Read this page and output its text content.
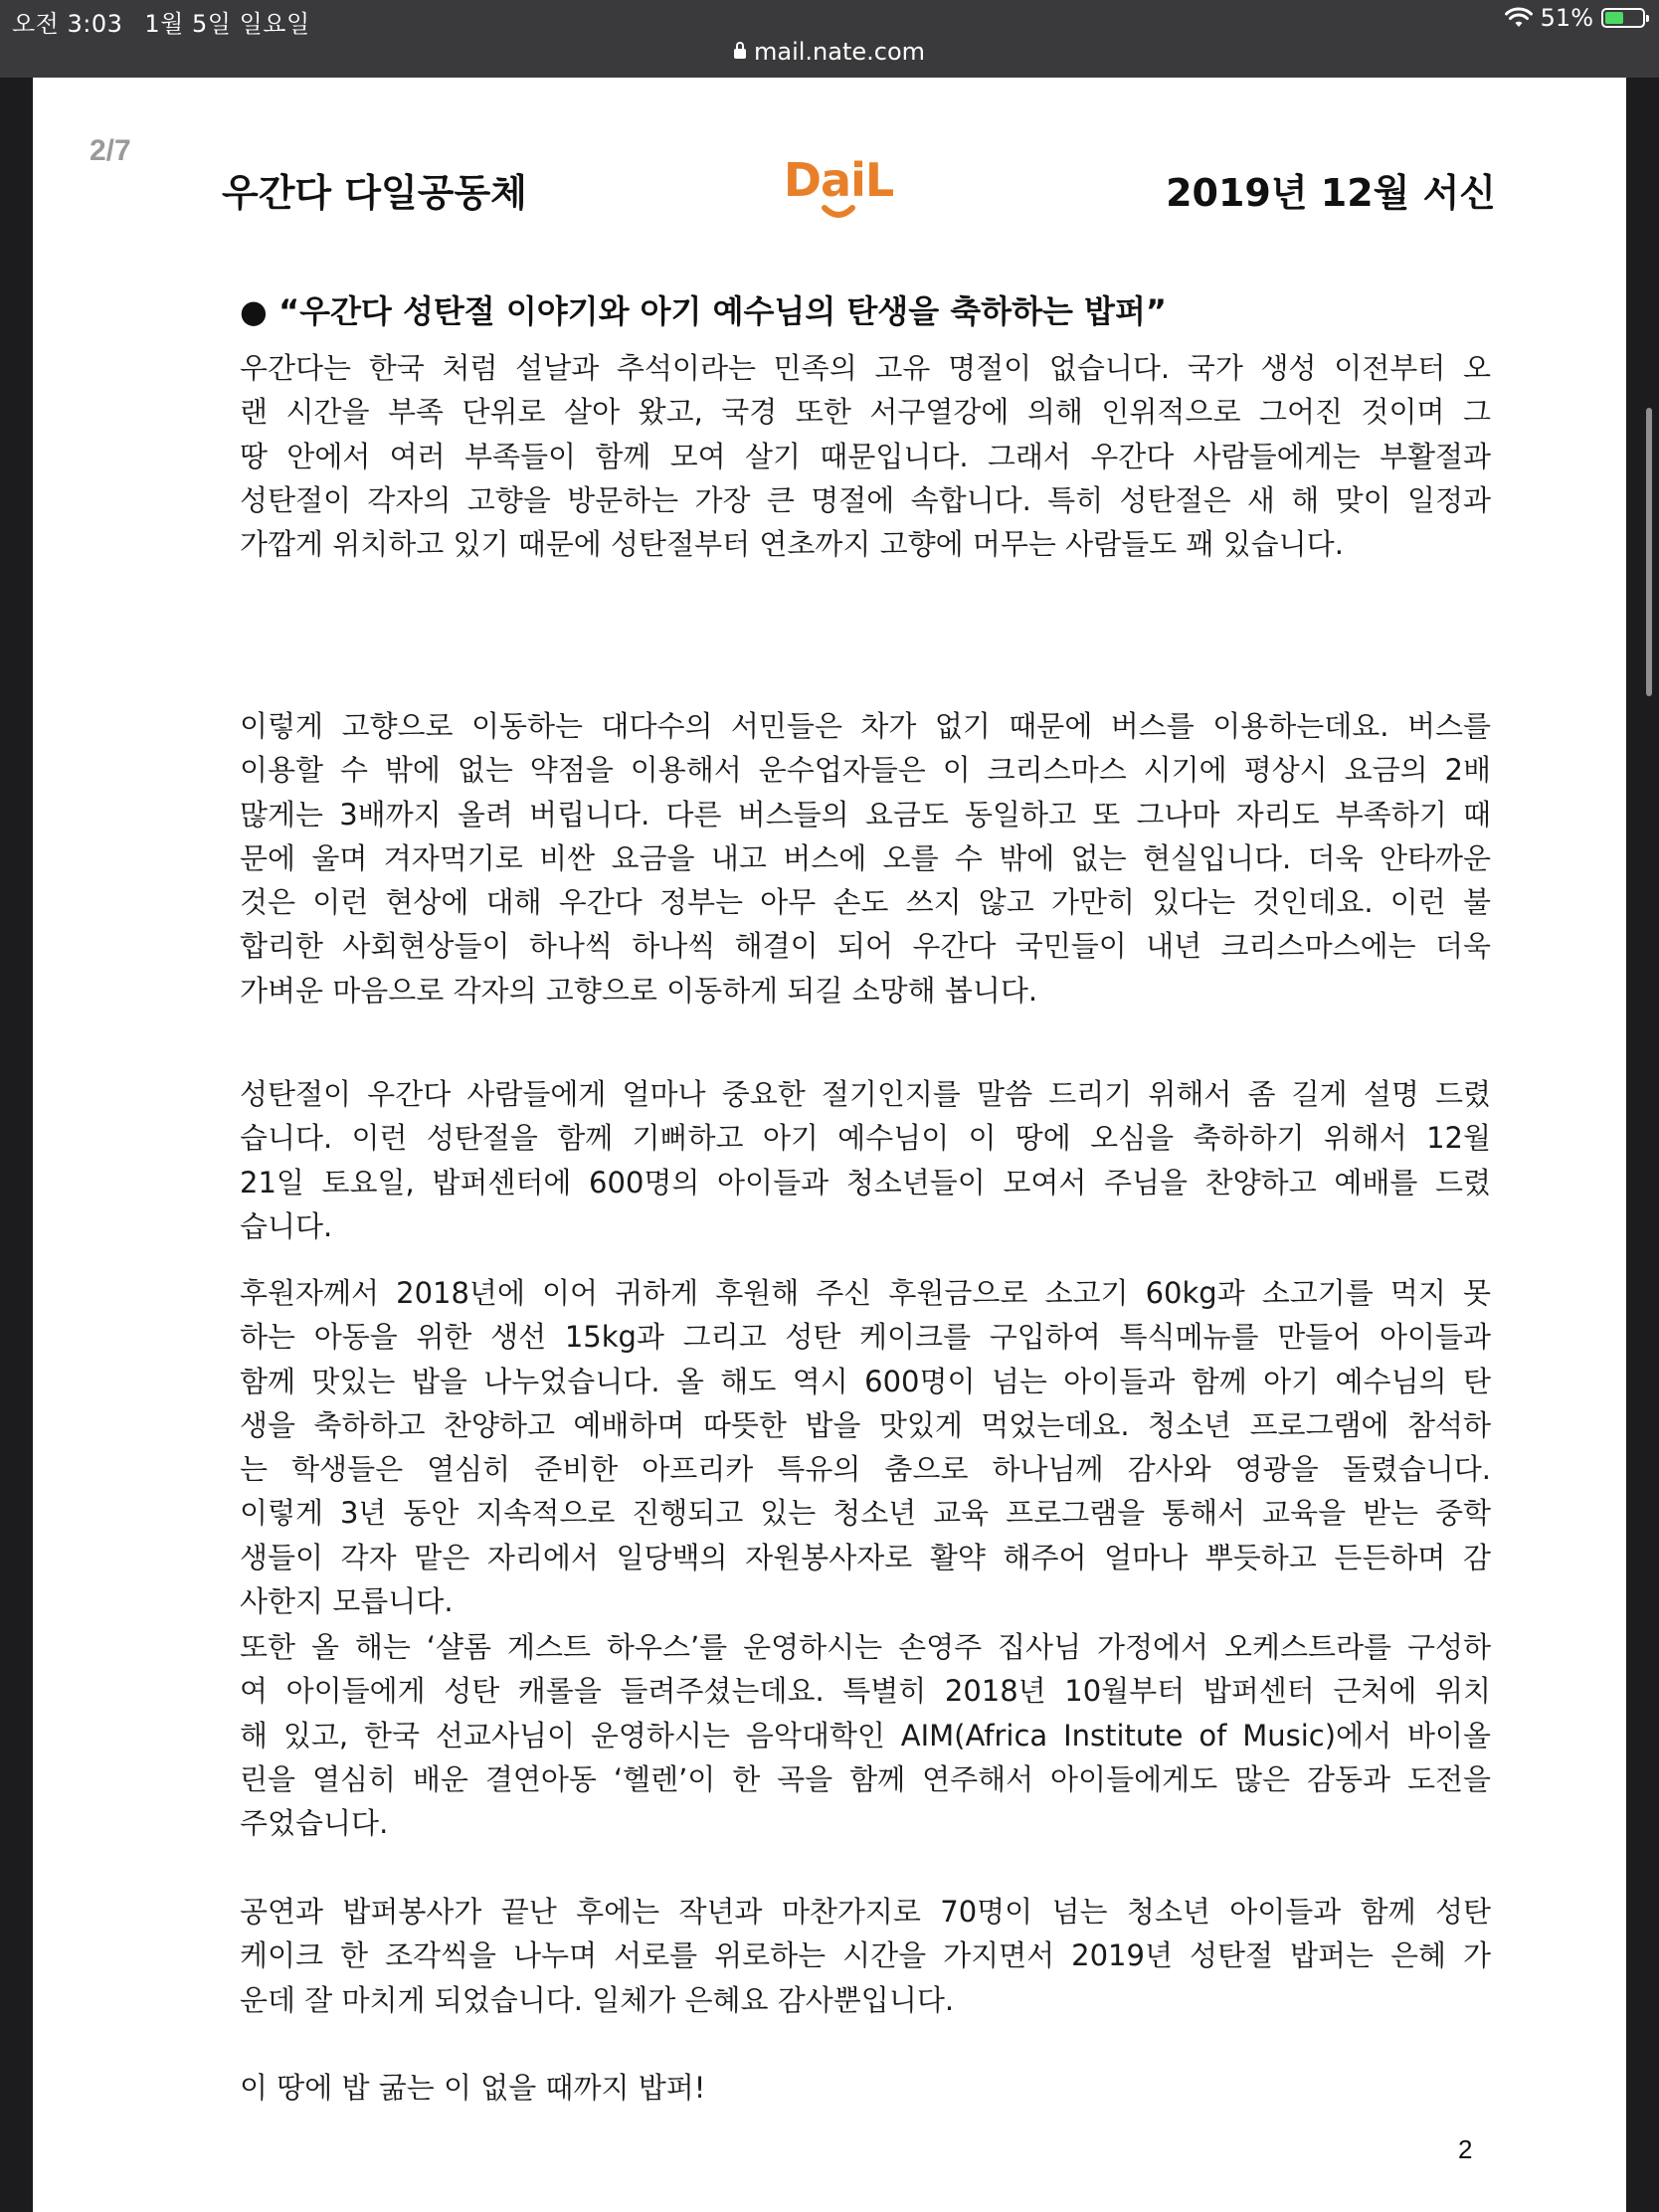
오전 3:03 1월 5일 일요일	51%
mail.nate.com
2/7
우간다 다일공동체	DaiL	2019년 12월 서신
● “우간다 성탄절 이야기와 아기 예수님의 탄생을 축하하는 밥퍼”
우간다는 한국 처럼 설날과 추석이라는 민족의 고유 명절이 없습니다. 국가 생성 이전부터 오
랜 시간을 부족 단위로 살아 왔고, 국경 또한 서구열강에 의해 인위적으로 그어진 것이며 그
땅 안에서 여러 부족들이 함께 모여 살기 때문입니다. 그래서 우간다 사람들에게는 부활절과
성탄절이 각자의 고향을 방문하는 가장 큰 명절에 속합니다. 특히 성탄절은 새 해 맞이 일정과
가깝게 위치하고 있기 때문에 성탄절부터 연초까지 고향에 머무는 사람들도 꽤 있습니다.
이렇게 고향으로 이동하는 대다수의 서민들은 차가 없기 때문에 버스를 이용하는데요. 버스를
이용할 수 밖에 없는 약점을 이용해서 운수업자들은 이 크리스마스 시기에 평상시 요금의 2배
많게는 3배까지 올려 버립니다. 다른 버스들의 요금도 동일하고 또 그나마 자리도 부족하기 때
문에 울며 겨자먹기로 비싼 요금을 내고 버스에 오를 수 밖에 없는 현실입니다. 더욱 안타까운
것은 이런 현상에 대해 우간다 정부는 아무 손도 쓰지 않고 가만히 있다는 것인데요. 이런 불
합리한 사회현상들이 하나씩 하나씩 해결이 되어 우간다 국민들이 내년 크리스마스에는 더욱
가벼운 마음으로 각자의 고향으로 이동하게 되길 소망해 봅니다.
성탄절이 우간다 사람들에게 얼마나 중요한 절기인지를 말씀 드리기 위해서 좀 길게 설명 드렸
습니다. 이런 성탄절을 함께 기뻐하고 아기 예수님이 이 땅에 오심을 축하하기 위해서 12월
21일 토요일, 밥퍼센터에 600명의 아이들과 청소년들이 모여서 주님을 찬양하고 예배를 드렸
습니다.
후원자께서 2018년에 이어 귀하게 후원해 주신 후원금으로 소고기 60kg과 소고기를 먹지 못
하는 아동을 위한 생선 15kg과 그리고 성탄 케이크를 구입하여 특식메뉴를 만들어 아이들과
함께 맛있는 밥을 나누었습니다. 올 해도 역시 600명이 넘는 아이들과 함께 아기 예수님의 탄
생을 축하하고 찬양하고 예배하며 따뜻한 밥을 맛있게 먹었는데요. 청소년 프로그램에 참석하
는 학생들은 열심히 준비한 아프리카 특유의 춤으로 하나님께 감사와 영광을 돌렸습니다.
이렇게 3년 동안 지속적으로 진행되고 있는 청소년 교육 프로그램을 통해서 교육을 받는 중학
생들이 각자 맡은 자리에서 일당백의 자원봉사자로 활약 해주어 얼마나 뿌듯하고 든든하며 감
사한지 모릅니다.
또한 올 해는 ‘샬롬 게스트 하우스’를 운영하시는 손영주 집사님 가정에서 오케스트라를 구성하
여 아이들에게 성탄 캐롤을 들려주셨는데요. 특별히 2018년 10월부터 밥퍼센터 근처에 위치
해 있고, 한국 선교사님이 운영하시는 음악대학인 AIM(Africa Institute of Music)에서 바이올
린을 열심히 배운 결연아동 ‘헬렌’이 한 곡을 함께 연주해서 아이들에게도 많은 감동과 도전을
주었습니다.
공연과 밥퍼봉사가 끝난 후에는 작년과 마찬가지로 70명이 넘는 청소년 아이들과 함께 성탄
케이크 한 조각씩을 나누며 서로를 위로하는 시간을 가지면서 2019년 성탄절 밥퍼는 은혜 가
운데 잘 마치게 되었습니다. 일체가 은혜요 감사뿐입니다.
이 땅에 밥 굶는 이 없을 때까지 밥퍼!
2
